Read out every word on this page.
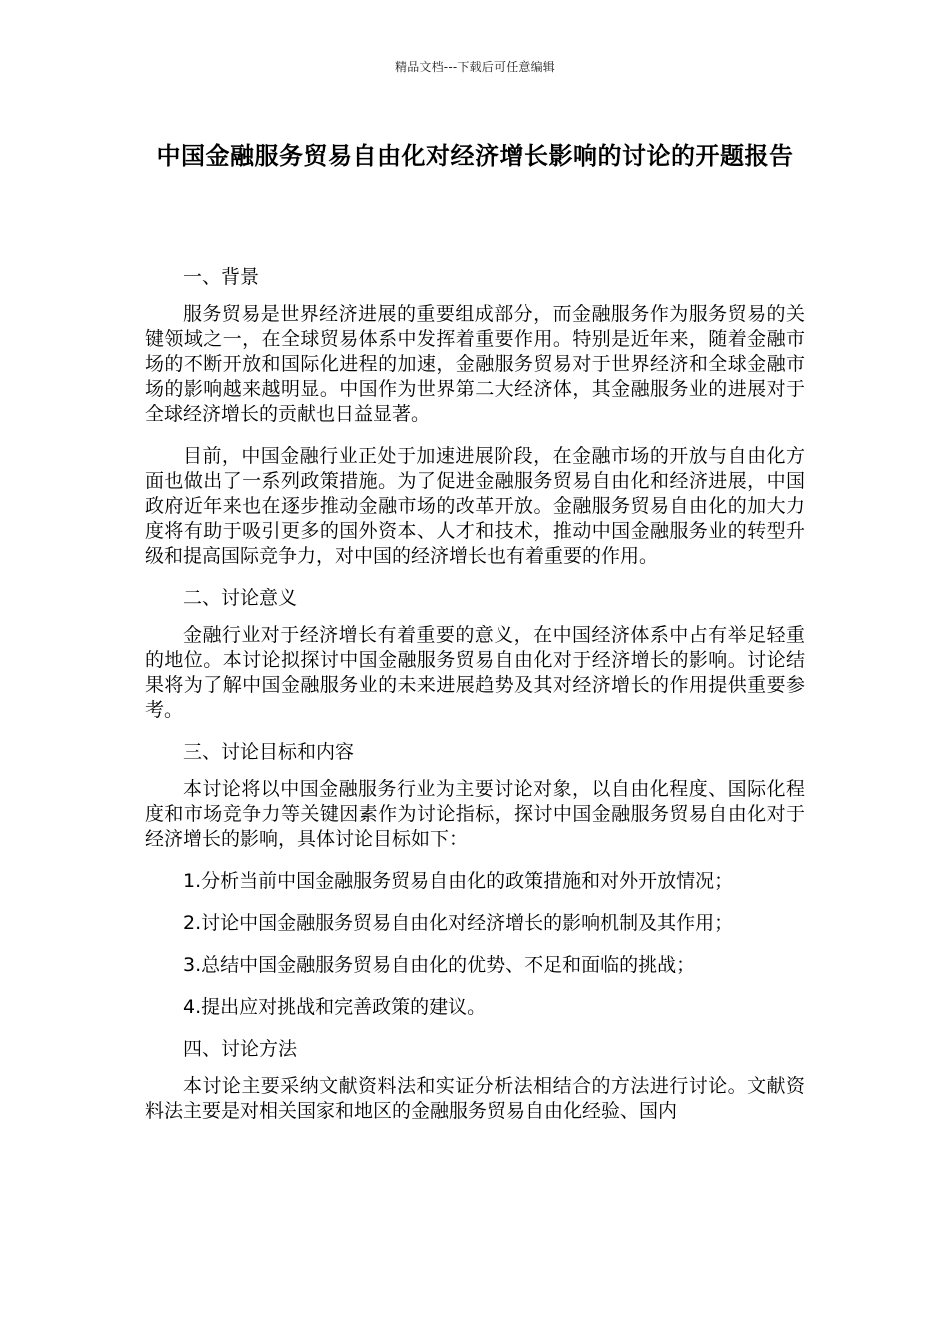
精品文档---下载后可任意编辑
中国金融服务贸易自由化对经济增长影响的讨论的开题报告

一、背景

服务贸易是世界经济进展的重要组成部分，而金融服务作为服务贸易的关键领域之一，在全球贸易体系中发挥着重要作用。特别是近年来，随着金融市场的不断开放和国际化进程的加速，金融服务贸易对于世界经济和全球金融市场的影响越来越明显。中国作为世界第二大经济体，其金融服务业的进展对于全球经济增长的贡献也日益显著。

目前，中国金融行业正处于加速进展阶段，在金融市场的开放与自由化方面也做出了一系列政策措施。为了促进金融服务贸易自由化和经济进展，中国政府近年来也在逐步推动金融市场的改革开放。金融服务贸易自由化的加大力度将有助于吸引更多的国外资本、人才和技术，推动中国金融服务业的转型升级和提高国际竞争力，对中国的经济增长也有着重要的作用。

二、讨论意义

金融行业对于经济增长有着重要的意义，在中国经济体系中占有举足轻重的地位。本讨论拟探讨中国金融服务贸易自由化对于经济增长的影响。讨论结果将为了解中国金融服务业的未来进展趋势及其对经济增长的作用提供重要参考。

三、讨论目标和内容

本讨论将以中国金融服务行业为主要讨论对象，以自由化程度、国际化程度和市场竞争力等关键因素作为讨论指标，探讨中国金融服务贸易自由化对于经济增长的影响，具体讨论目标如下：

1.分析当前中国金融服务贸易自由化的政策措施和对外开放情况；

2.讨论中国金融服务贸易自由化对经济增长的影响机制及其作用；

3.总结中国金融服务贸易自由化的优势、不足和面临的挑战；

4.提出应对挑战和完善政策的建议。

四、讨论方法

本讨论主要采纳文献资料法和实证分析法相结合的方法进行讨论。文献资料法主要是对相关国家和地区的金融服务贸易自由化经验、国内
